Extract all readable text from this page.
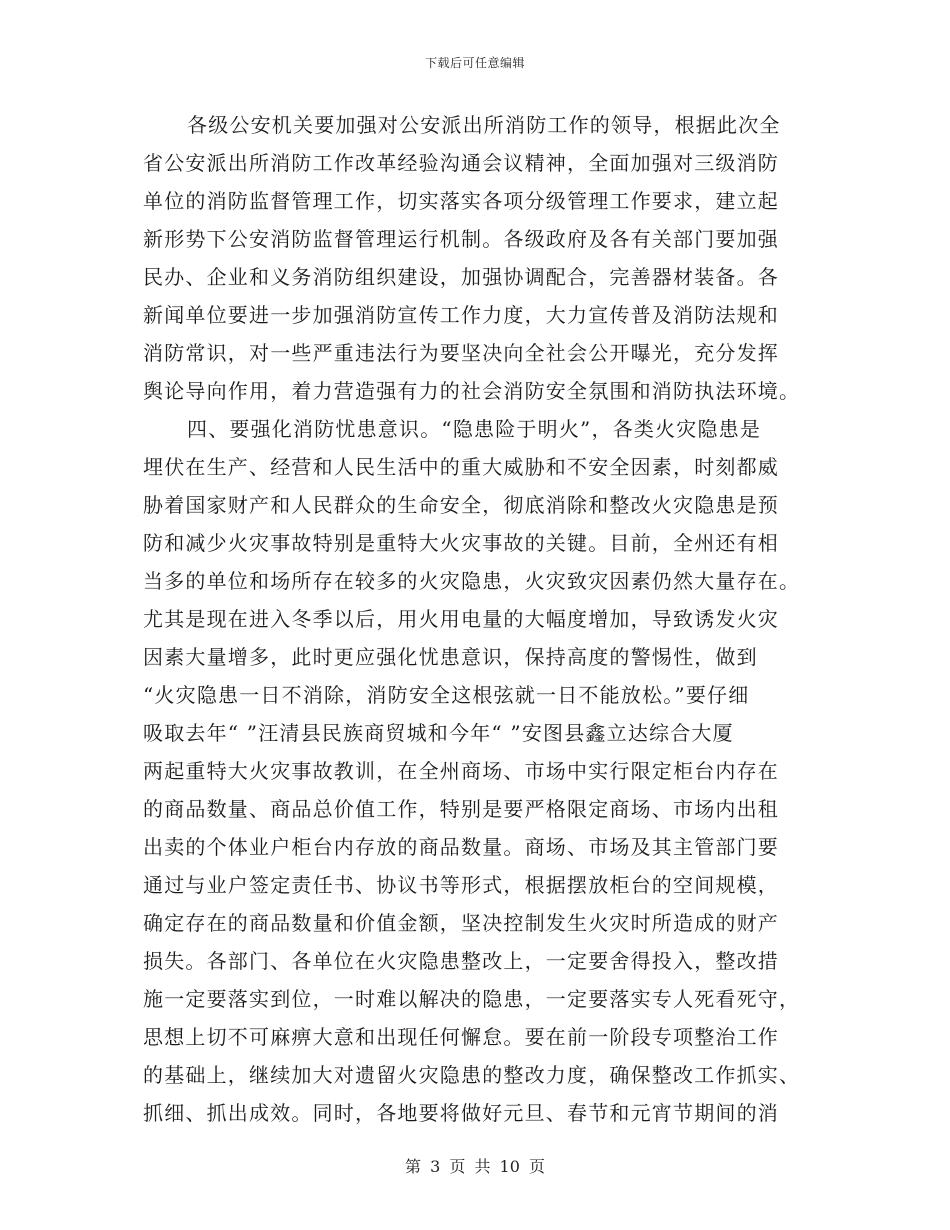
下载后可任意编辑
各级公安机关要加强对公安派出所消防工作的领导，根据此次全
省公安派出所消防工作改革经验沟通会议精神，全面加强对三级消防
单位的消防监督管理工作，切实落实各项分级管理工作要求，建立起
新形势下公安消防监督管理运行机制。各级政府及各有关部门要加强
民办、企业和义务消防组织建设，加强协调配合，完善器材装备。各
新闻单位要进一步加强消防宣传工作力度，大力宣传普及消防法规和
消防常识，对一些严重违法行为要坚决向全社会公开曝光，充分发挥
舆论导向作用，着力营造强有力的社会消防安全氛围和消防执法环境。
四、要强化消防忧患意识。“隐患险于明火”，各类火灾隐患是
埋伏在生产、经营和人民生活中的重大威胁和不安全因素，时刻都威
胁着国家财产和人民群众的生命安全，彻底消除和整改火灾隐患是预
防和减少火灾事故特别是重特大火灾事故的关键。目前，全州还有相
当多的单位和场所存在较多的火灾隐患，火灾致灾因素仍然大量存在。
尤其是现在进入冬季以后，用火用电量的大幅度增加，导致诱发火灾
因素大量增多，此时更应强化忧患意识，保持高度的警惕性，做到
“火灾隐患一日不消除，消防安全这根弦就一日不能放松。”要仔细
吸取去年“ ”汪清县民族商贸城和今年“ ”安图县鑫立达综合大厦
两起重特大火灾事故教训，在全州商场、市场中实行限定柜台内存在
的商品数量、商品总价值工作，特别是要严格限定商场、市场内出租
出卖的个体业户柜台内存放的商品数量。商场、市场及其主管部门要
通过与业户签定责任书、协议书等形式，根据摆放柜台的空间规模，
确定存在的商品数量和价值金额，坚决控制发生火灾时所造成的财产
损失。各部门、各单位在火灾隐患整改上，一定要舍得投入，整改措
施一定要落实到位，一时难以解决的隐患，一定要落实专人死看死守，
思想上切不可麻痹大意和出现任何懈怠。要在前一阶段专项整治工作
的基础上，继续加大对遗留火灾隐患的整改力度，确保整改工作抓实、
抓细、抓出成效。同时，各地要将做好元旦、春节和元宵节期间的消
第 3 页 共 10 页
